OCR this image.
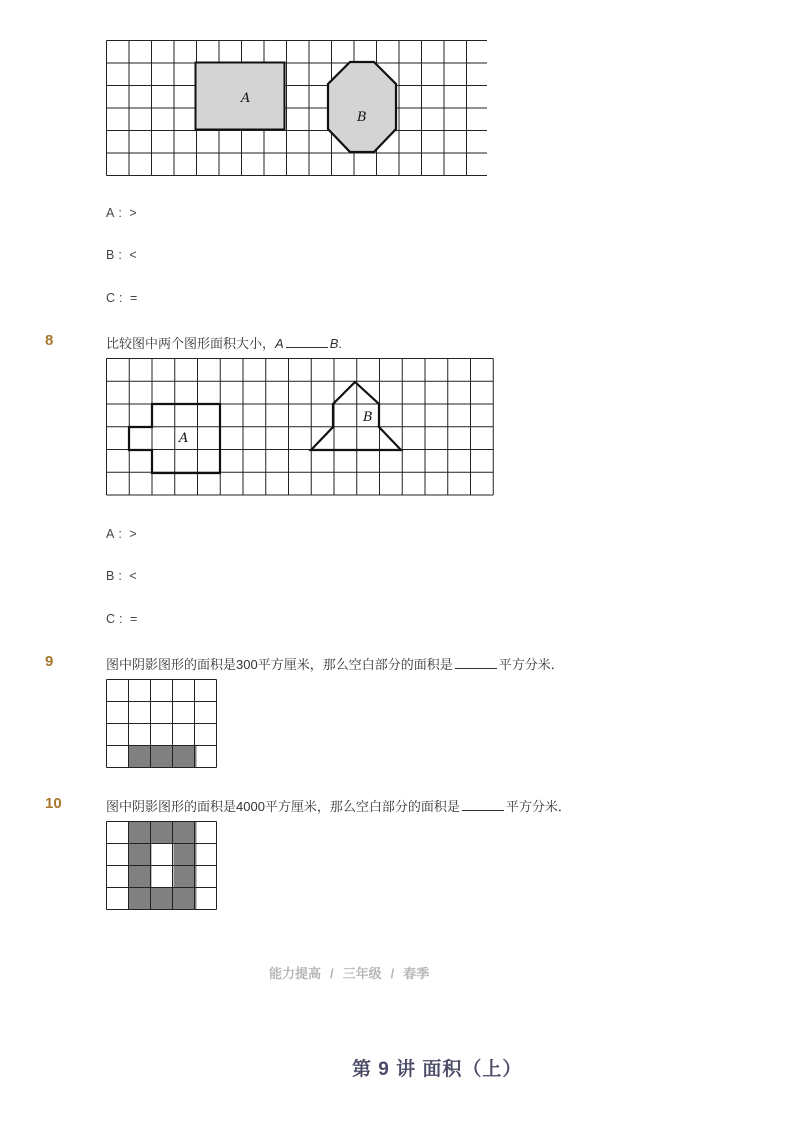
A
B
A : >
B : <
C : =
8	比较图中两个图形面积大小，A	B.
A
B
A : >
B : <
C : =
9	图中阴影图形的面积是300平方厘米，那么空白部分的面积是	平方分米．
10	图中阴影图形的面积是4000平方厘米，那么空白部分的面积是	平方分米．
能力提高 / 三年级 / 春季
第 9 讲 面积（上）
